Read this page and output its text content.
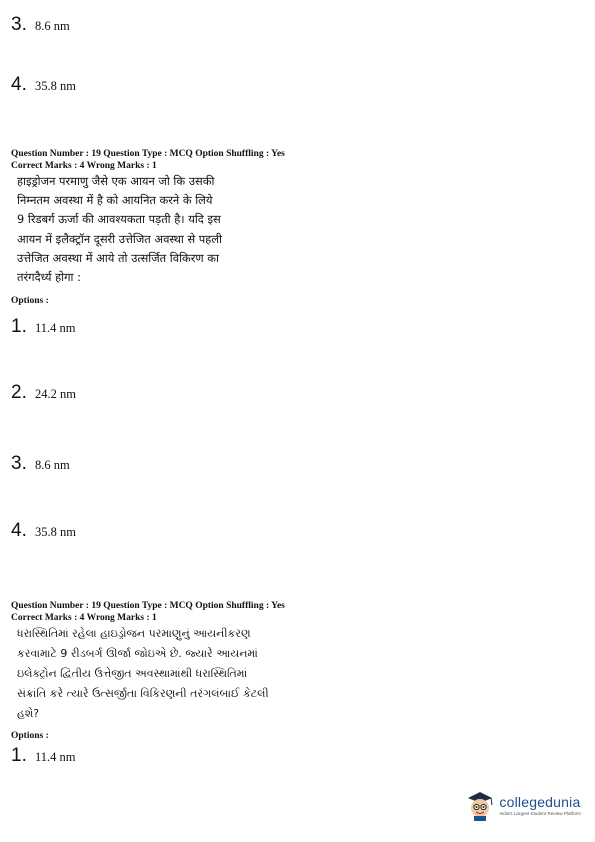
3. 8.6 nm
4. 35.8 nm
Question Number : 19 Question Type : MCQ Option Shuffling : Yes
Correct Marks : 4 Wrong Marks : 1
हाइड्रोजन परमाणु जैसे एक आयन जो कि उसकी
निम्नतम अवस्था में है को आयनित करने के लिये
9 रिडबर्ग ऊर्जा की आवश्यकता पड़ती है। यदि इस
आयन में इलैक्ट्रॉन दूसरी उत्तेजित अवस्था से पहली
उत्तेजित अवस्था में आये तो उत्सर्जित विकिरण का
तरंगदैर्ध्य होगा :
Options :
1. 11.4 nm
2. 24.2 nm
3. 8.6 nm
4. 35.8 nm
Question Number : 19 Question Type : MCQ Option Shuffling : Yes
Correct Marks : 4 Wrong Marks : 1
ધરાસ્થિતિમાં રહેલા હાઇડ્રોજન પરમાણુનું આયનીકરણ
કરવામાટે 9 રીડબર્ગ ઊર્જા જોઇએ છે. જ્યારે આયનમાં
ઇલેક્ટ્રોન દ્વિતીય ઉત્તેજીત અવસ્થામાંથી ધરાસ્થિતિમાં
સંક્રાંતિ કરે ત્યારે ઉત્સર્જીતા વિકિરણની તરંગલંબાઈ કેટલી
હશે?
Options :
1. 11.4 nm
collegedunia
India's Largest Student Review Platform
